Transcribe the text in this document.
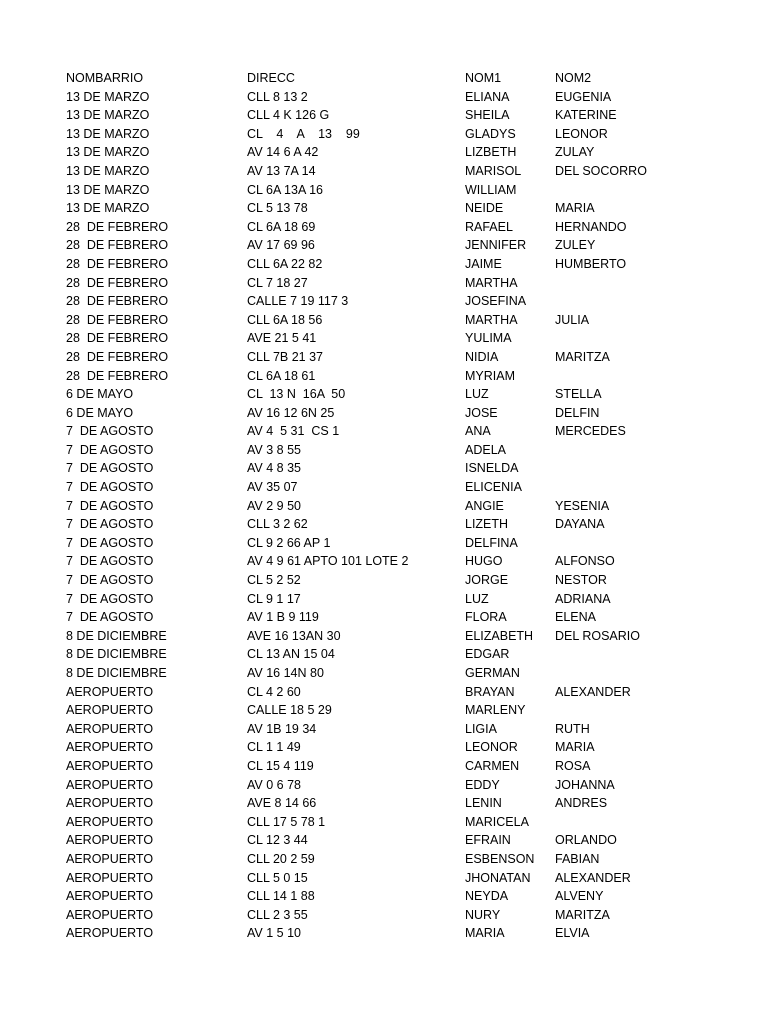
NOMBARRIO	DIRECC	NOM1	NOM2
13 DE MARZO	CLL 8 13 2	ELIANA	EUGENIA
13 DE MARZO	CLL 4 K 126 G	SHEILA	KATERINE
13 DE MARZO	CL    4    A    13    99	GLADYS	LEONOR
13 DE MARZO	AV 14 6 A 42	LIZBETH	ZULAY
13 DE MARZO	AV 13 7A 14	MARISOL	DEL SOCORRO
13 DE MARZO	CL 6A 13A 16	WILLIAM	
13 DE MARZO	CL 5 13 78	NEIDE	MARIA
28  DE FEBRERO	CL 6A 18 69	RAFAEL	HERNANDO
28  DE FEBRERO	AV 17 69 96	JENNIFER	ZULEY
28  DE FEBRERO	CLL 6A 22 82	JAIME	HUMBERTO
28  DE FEBRERO	CL 7 18 27	MARTHA	
28  DE FEBRERO	CALLE 7 19 117 3	JOSEFINA	
28  DE FEBRERO	CLL 6A 18 56	MARTHA	JULIA
28  DE FEBRERO	AVE 21 5 41	YULIMA	
28  DE FEBRERO	CLL 7B 21 37	NIDIA	MARITZA
28  DE FEBRERO	CL 6A 18 61	MYRIAM	
6 DE MAYO	CL  13 N  16A  50	LUZ	STELLA
6 DE MAYO	AV 16 12 6N 25	JOSE	DELFIN
7  DE AGOSTO	AV 4  5 31  CS 1	ANA	MERCEDES
7  DE AGOSTO	AV 3 8 55	ADELA	
7  DE AGOSTO	AV 4 8 35	ISNELDA	
7  DE AGOSTO	AV 35 07	ELICENIA	
7  DE AGOSTO	AV 2 9 50	ANGIE	YESENIA
7  DE AGOSTO	CLL 3 2 62	LIZETH	DAYANA
7  DE AGOSTO	CL 9 2 66 AP 1	DELFINA	
7  DE AGOSTO	AV 4 9 61 APTO 101 LOTE 2	HUGO	ALFONSO
7  DE AGOSTO	CL 5 2 52	JORGE	NESTOR
7  DE AGOSTO	CL 9 1 17	LUZ	ADRIANA
7  DE AGOSTO	AV 1 B 9 119	FLORA	ELENA
8 DE DICIEMBRE	AVE 16 13AN 30	ELIZABETH	DEL ROSARIO
8 DE DICIEMBRE	CL 13 AN 15 04	EDGAR	
8 DE DICIEMBRE	AV 16 14N 80	GERMAN	
AEROPUERTO	CL 4 2 60	BRAYAN	ALEXANDER
AEROPUERTO	CALLE 18 5 29	MARLENY	
AEROPUERTO	AV 1B 19 34	LIGIA	RUTH
AEROPUERTO	CL 1 1 49	LEONOR	MARIA
AEROPUERTO	CL 15 4 119	CARMEN	ROSA
AEROPUERTO	AV 0 6 78	EDDY	JOHANNA
AEROPUERTO	AVE 8 14 66	LENIN	ANDRES
AEROPUERTO	CLL 17 5 78 1	MARICELA	
AEROPUERTO	CL 12 3 44	EFRAIN	ORLANDO
AEROPUERTO	CLL 20 2 59	ESBENSON	FABIAN
AEROPUERTO	CLL 5 0 15	JHONATAN	ALEXANDER
AEROPUERTO	CLL 14 1 88	NEYDA	ALVENY
AEROPUERTO	CLL 2 3 55	NURY	MARITZA
AEROPUERTO	AV 1 5 10	MARIA	ELVIA
